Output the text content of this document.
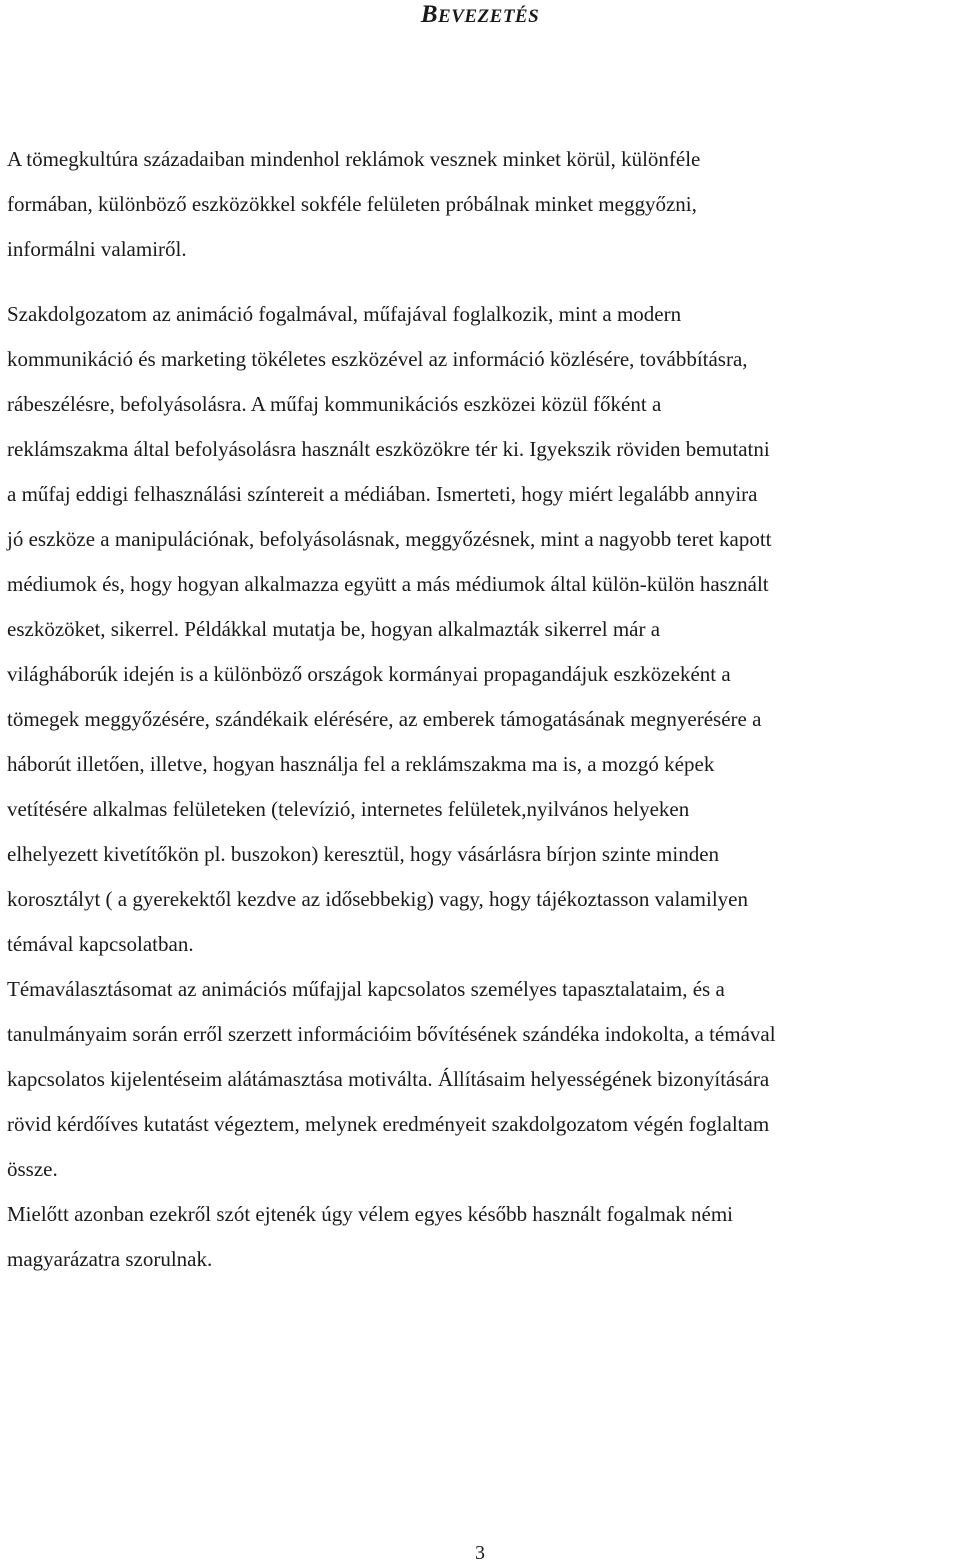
BEVEZETÉS

A tömegkultúra századaiban mindenhol reklámok vesznek minket körül, különféle
formában, különböző eszközökkel sokféle felületen próbálnak minket meggyőzni,
informálni valamiről.

Szakdolgozatom az animáció fogalmával, műfajával foglalkozik, mint a modern
kommunikáció és marketing tökéletes eszközével az információ közlésére, továbbításra,
rábeszélésre, befolyásolásra. A műfaj kommunikációs eszközei közül főként a
reklámszakma által befolyásolásra használt eszközökre tér ki. Igyekszik röviden bemutatni
a műfaj eddigi felhasználási színtereit a médiában. Ismerteti, hogy miért legalább annyira
jó eszköze a manipulációnak, befolyásolásnak, meggyőzésnek, mint a nagyobb teret kapott
médiumok és, hogy hogyan alkalmazza együtt a más médiumok által külön-külön használt
eszközöket, sikerrel. Példákkal mutatja be, hogyan alkalmazták sikerrel már a
világháborúk idején is a különböző országok kormányai propagandájuk eszközeként a
tömegek meggyőzésére, szándékaik elérésére, az emberek támogatásának megnyerésére a
háborút illetően, illetve, hogyan használja fel a reklámszakma ma is, a mozgó képek
vetítésére alkalmas felületeken (televízió, internetes felületek,nyilvános helyeken
elhelyezett kivetítőkön pl. buszokon) keresztül, hogy vásárlásra bírjon szinte minden
korosztályt ( a gyerekektől kezdve az idősebbekig) vagy, hogy tájékoztasson valamilyen
témával kapcsolatban.
Témaválasztásomat az animációs műfajjal kapcsolatos személyes tapasztalataim, és a
tanulmányaim során erről szerzett információim bővítésének szándéka indokolta, a témával
kapcsolatos kijelentéseim alátámasztása motiválta. Állításaim helyességének bizonyítására
rövid kérdőíves kutatást végeztem, melynek eredményeit szakdolgozatom végén foglaltam
össze.
Mielőtt azonban ezekről szót ejtenék úgy vélem egyes később használt fogalmak némi
magyarázatra szorulnak.

3
